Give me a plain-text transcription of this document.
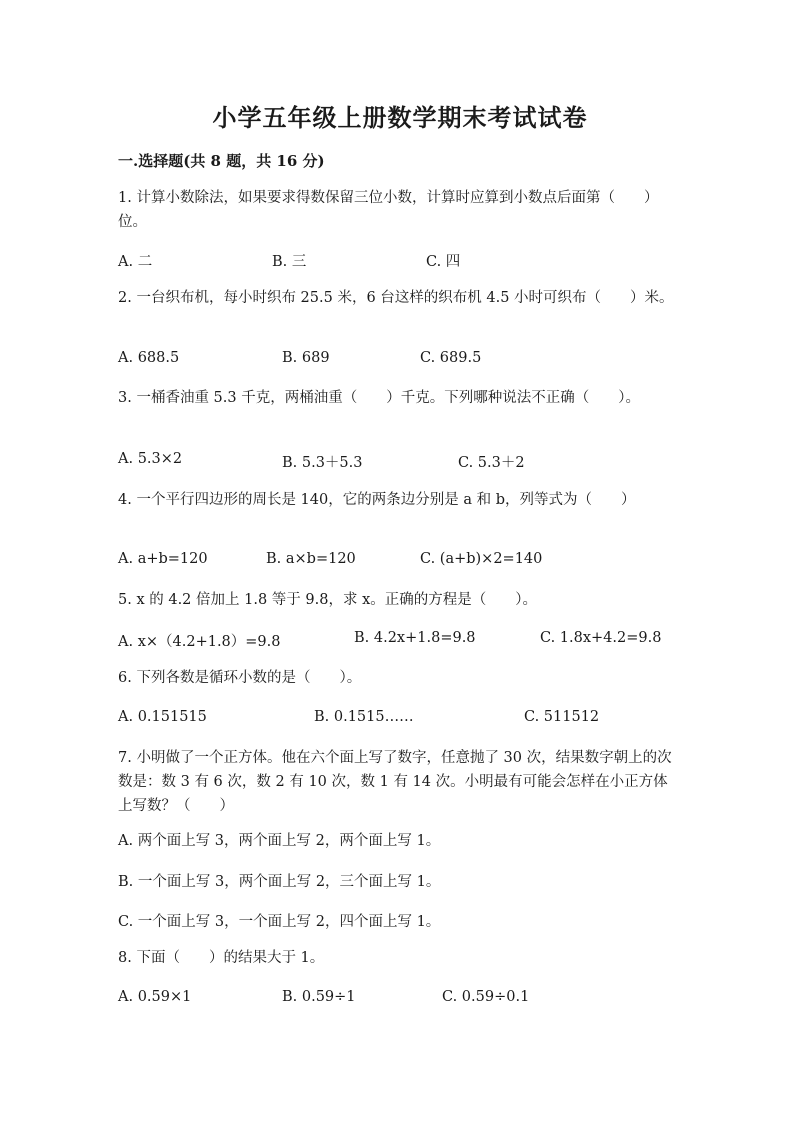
小学五年级上册数学期末考试试卷
一.选择题(共 8 题，共 16 分)
1. 计算小数除法，如果要求得数保留三位小数，计算时应算到小数点后面第（　　）位。
A. 二	B. 三	C. 四
2. 一台织布机，每小时织布 25.5 米，6 台这样的织布机 4.5 小时可织布（　　）米。
A. 688.5	B. 689	C. 689.5
3. 一桶香油重 5.3 千克，两桶油重（　　）千克。下列哪种说法不正确（　　）。
A. 5.3×2	B. 5.3＋5.3	C. 5.3＋2
4. 一个平行四边形的周长是 140，它的两条边分别是 a 和 b，列等式为（　　）
A. a+b=120	B. a×b=120	C. (a+b)×2=140
5. x 的 4.2 倍加上 1.8 等于 9.8，求 x。正确的方程是（　　）。
A. x×（4.2+1.8）=9.8	B. 4.2x+1.8=9.8	C. 1.8x+4.2=9.8
6. 下列各数是循环小数的是（　　）。
A. 0.151515	B. 0.1515……	C. 511512
7. 小明做了一个正方体。他在六个面上写了数字，任意抛了 30 次，结果数字朝上的次数是：数 3 有 6 次，数 2 有 10 次，数 1 有 14 次。小明最有可能会怎样在小正方体上写数？（　　）
A. 两个面上写 3，两个面上写 2，两个面上写 1。
B. 一个面上写 3，两个面上写 2，三个面上写 1。
C. 一个面上写 3，一个面上写 2，四个面上写 1。
8. 下面（　　）的结果大于 1。
A. 0.59×1	B. 0.59÷1	C. 0.59÷0.1
